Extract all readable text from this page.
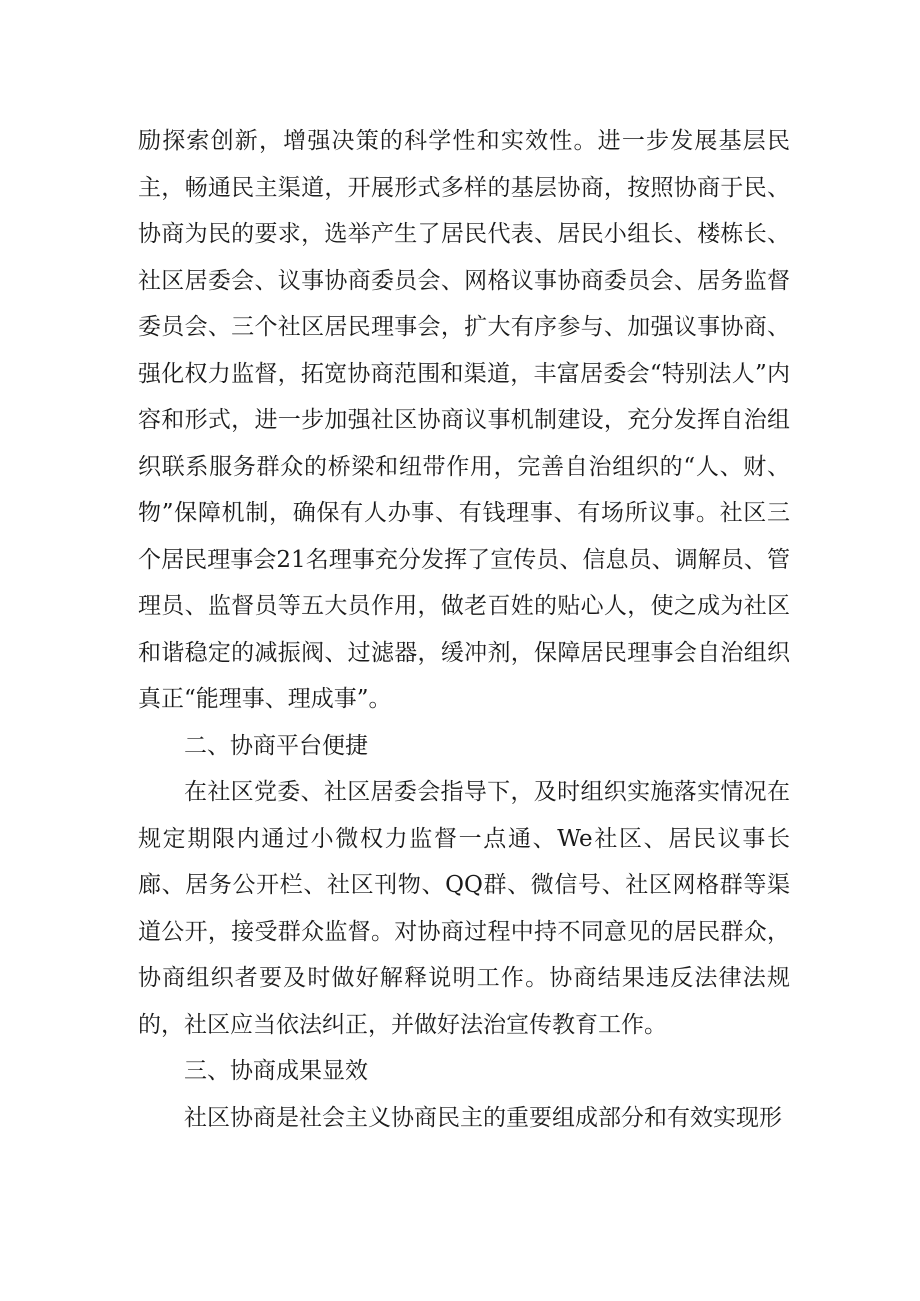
励探索创新，增强决策的科学性和实效性。进一步发展基层民主，畅通民主渠道，开展形式多样的基层协商，按照协商于民、协商为民的要求，选举产生了居民代表、居民小组长、楼栋长、社区居委会、议事协商委员会、网格议事协商委员会、居务监督委员会、三个社区居民理事会，扩大有序参与、加强议事协商、强化权力监督，拓宽协商范围和渠道，丰富居委会“特别法人”内容和形式，进一步加强社区协商议事机制建设，充分发挥自治组织联系服务群众的桥梁和纽带作用，完善自治组织的“人、财、物”保障机制，确保有人办事、有钱理事、有场所议事。社区三个居民理事会21名理事充分发挥了宣传员、信息员、调解员、管理员、监督员等五大员作用，做老百姓的贴心人，使之成为社区和谐稳定的减振阀、过滤器，缓冲剂，保障居民理事会自治组织真正“能理事、理成事”。

二、协商平台便捷

在社区党委、社区居委会指导下，及时组织实施落实情况在规定期限内通过小微权力监督一点通、We社区、居民议事长廊、居务公开栏、社区刊物、QQ群、微信号、社区网格群等渠道公开，接受群众监督。对协商过程中持不同意见的居民群众，协商组织者要及时做好解释说明工作。协商结果违反法律法规的，社区应当依法纠正，并做好法治宣传教育工作。

三、协商成果显效

社区协商是社会主义协商民主的重要组成部分和有效实现形
